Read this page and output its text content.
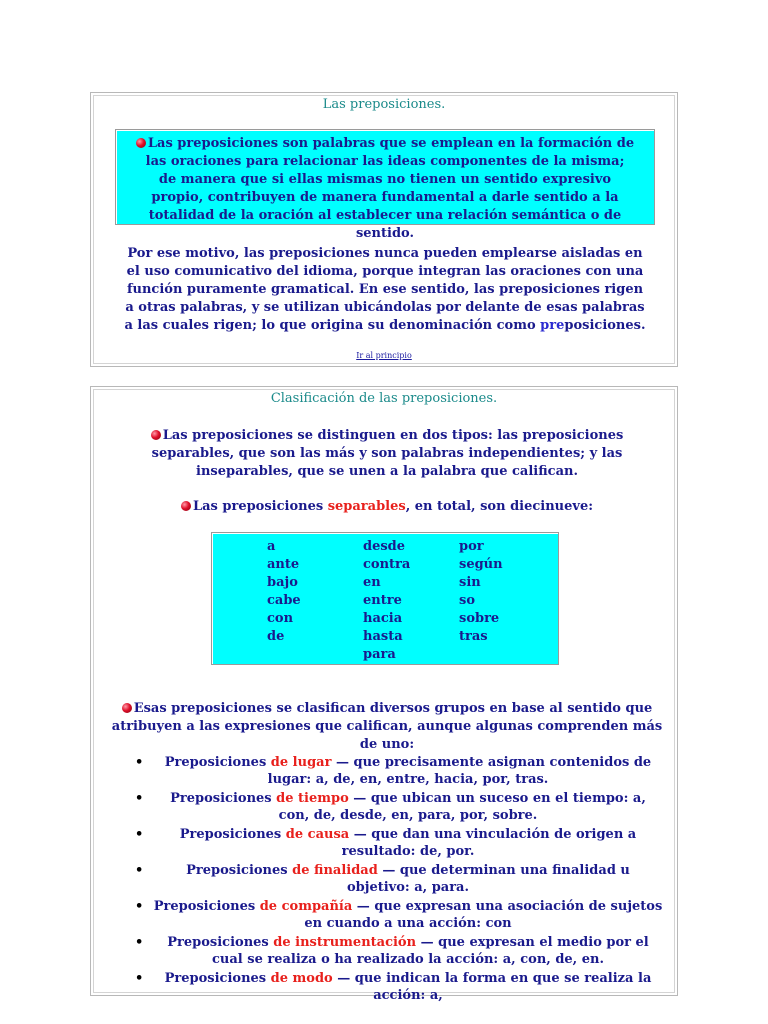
Las preposiciones.
Las preposiciones son palabras que se emplean en la formación de las oraciones para relacionar las ideas componentes de la misma; de manera que si ellas mismas no tienen un sentido expresivo propio, contribuyen de manera fundamental a darle sentido a la totalidad de la oración al establecer una relación semántica o de sentido.
Por ese motivo, las preposiciones nunca pueden emplearse aisladas en el uso comunicativo del idioma, porque integran las oraciones con una función puramente gramatical. En ese sentido, las preposiciones rigen a otras palabras, y se utilizan ubicándolas por delante de esas palabras a las cuales rigen; lo que origina su denominación como preposiciones.
Ir al principio
Clasificación de las preposiciones.
Las preposiciones se distinguen en dos tipos: las preposiciones separables, que son las más y son palabras independientes; y las inseparables, que se unen a la palabra que califican.
Las preposiciones separables, en total, son diecinueve:
a	desde	por
ante	contra	según
bajo	en	sin
cabe	entre	so
con	hacia	sobre
de	hasta	tras
	para	
Esas preposiciones se clasifican diversos grupos en base al sentido que atribuyen a las expresiones que califican, aunque algunas comprenden más de uno:
• Preposiciones de lugar — que precisamente asignan contenidos de lugar: a, de, en, entre, hacia, por, tras.
• Preposiciones de tiempo — que ubican un suceso en el tiempo: a, con, de, desde, en, para, por, sobre.
•	Preposiciones de causa — que dan una vinculación de origen a resultado: de, por.
•	Preposiciones de finalidad — que determinan una finalidad u objetivo: a, para.
• Preposiciones de compañía — que expresan una asociación de sujetos en cuando a una acción: con
• Preposiciones de instrumentación — que expresan el medio por el cual se realiza o ha realizado la acción: a, con, de, en.
• Preposiciones de modo — que indican la forma en que se realiza la acción: a,
